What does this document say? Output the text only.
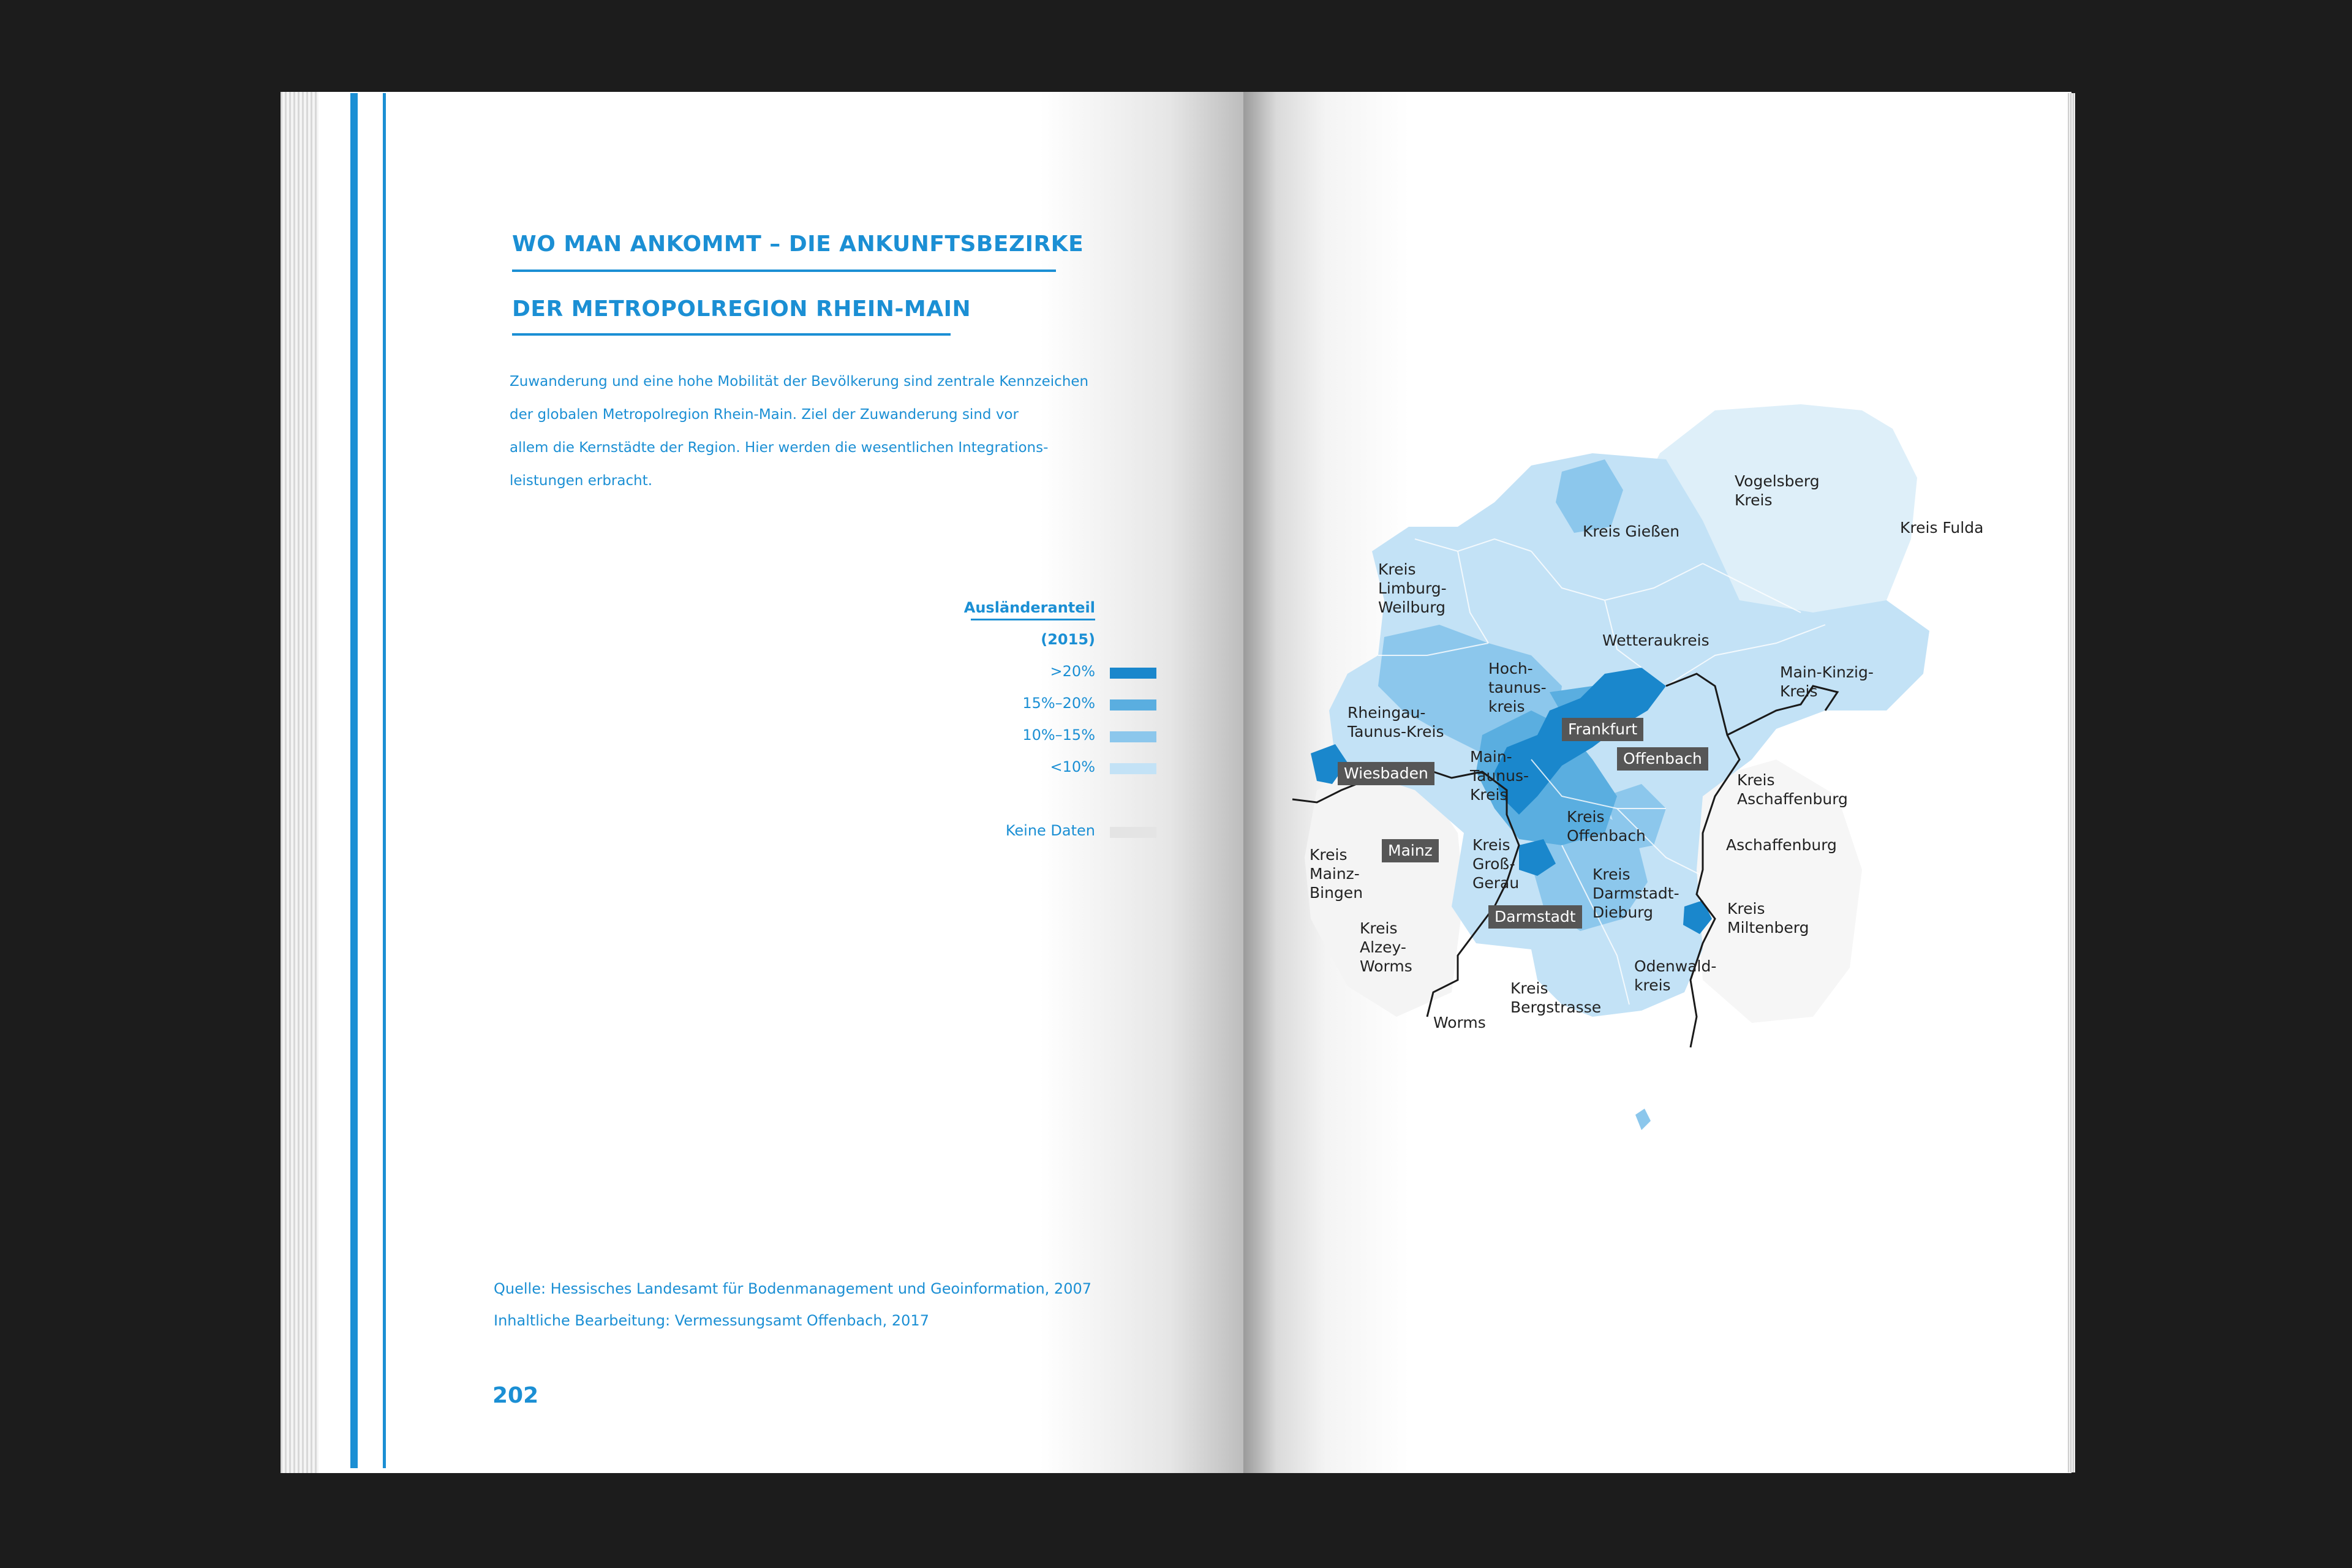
WO MAN ANKOMMT – DIE ANKUNFTSBEZIRKE
DER METROPOLREGION RHEIN-MAIN
Zuwanderung und eine hohe Mobilität der Bevölkerung sind zentrale Kennzeichen
der globalen Metropolregion Rhein-Main. Ziel der Zuwanderung sind vor
allem die Kernstädte der Region. Hier werden die wesentlichen Integrations-
leistungen erbracht.
Ausländeranteil
(2015)
>20%
15%–20%
10%–15%
<10%
Keine Daten
Quelle: Hessisches Landesamt für Bodenmanagement und Geoinformation, 2007
Inhaltliche Bearbeitung: Vermessungsamt Offenbach, 2017
202
Vogelsberg
Kreis
Kreis Fulda
Kreis Gießen
Kreis
Limburg-
Weilburg
Wetteraukreis
Hoch-
taunus-
kreis
Main-Kinzig-
Kreis
Rheingau-
Taunus-Kreis
Main-
Taunus-
Kreis
Kreis
Aschaffenburg
Kreis
Offenbach
Aschaffenburg
Kreis
Mainz-
Bingen
Kreis
Groß-
Gerau	Kreis
Darmstadt-
Dieburg	Kreis
Miltenberg
Kreis
Alzey-
Worms	Odenwald-
kreis
Kreis
Bergstrasse
Worms
Frankfurt
Offenbach
Wiesbaden
Mainz
Darmstadt
